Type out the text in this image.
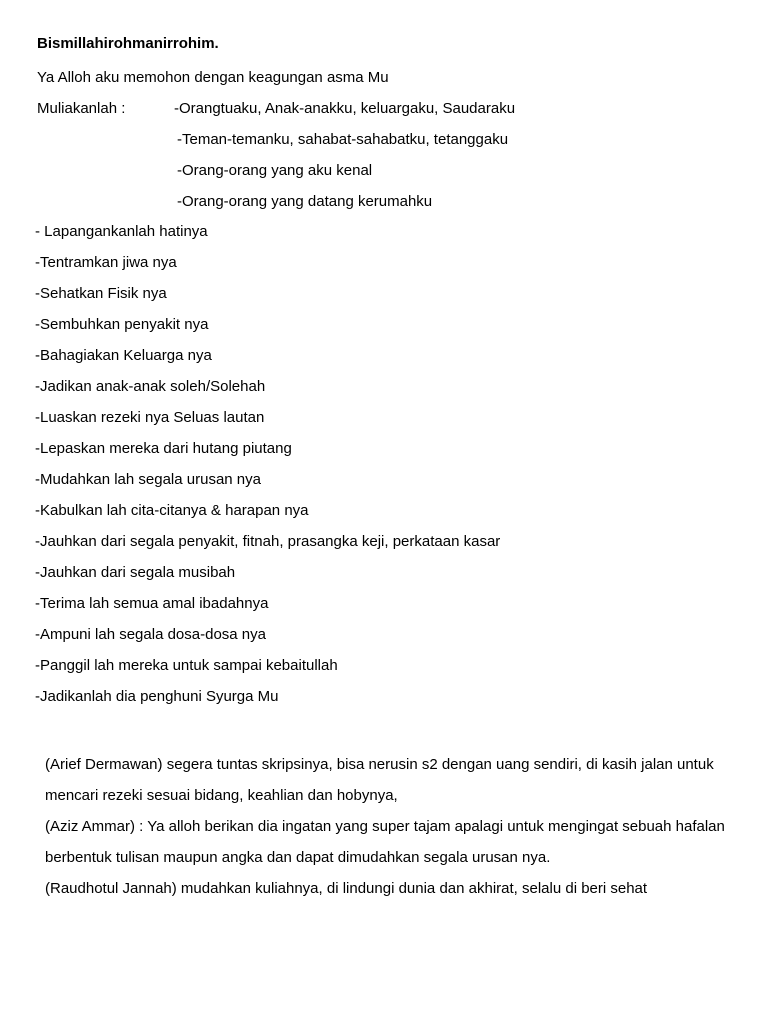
Bismillahirohmanirrohim.
Ya Alloh aku memohon dengan keagungan asma Mu
Muliakanlah :	-Orangtuaku, Anak-anakku, keluargaku, Saudaraku
-Teman-temanku, sahabat-sahabatku, tetanggaku
-Orang-orang yang aku kenal
-Orang-orang yang datang kerumahku
- Lapangankanlah hatinya
-Tentramkan jiwa nya
-Sehatkan Fisik nya
-Sembuhkan penyakit nya
-Bahagiakan Keluarga nya
-Jadikan anak-anak soleh/Solehah
-Luaskan rezeki nya Seluas lautan
-Lepaskan mereka dari hutang piutang
-Mudahkan lah segala urusan nya
-Kabulkan lah cita-citanya & harapan nya
-Jauhkan dari segala penyakit, fitnah, prasangka keji, perkataan kasar
-Jauhkan dari segala musibah
-Terima lah semua amal ibadahnya
-Ampuni lah segala dosa-dosa nya
-Panggil lah mereka untuk sampai kebaitullah
-Jadikanlah dia penghuni Syurga Mu

(Arief Dermawan) segera tuntas skripsinya, bisa nerusin s2 dengan uang sendiri, di kasih jalan untuk mencari rezeki sesuai bidang, keahlian dan hobynya,

(Aziz Ammar) : Ya alloh berikan dia ingatan yang super tajam apalagi untuk mengingat sebuah hafalan berbentuk tulisan maupun angka dan dapat dimudahkan segala urusan nya.

(Raudhotul Jannah) mudahkan kuliahnya, di lindungi dunia dan akhirat, selalu di beri sehat
